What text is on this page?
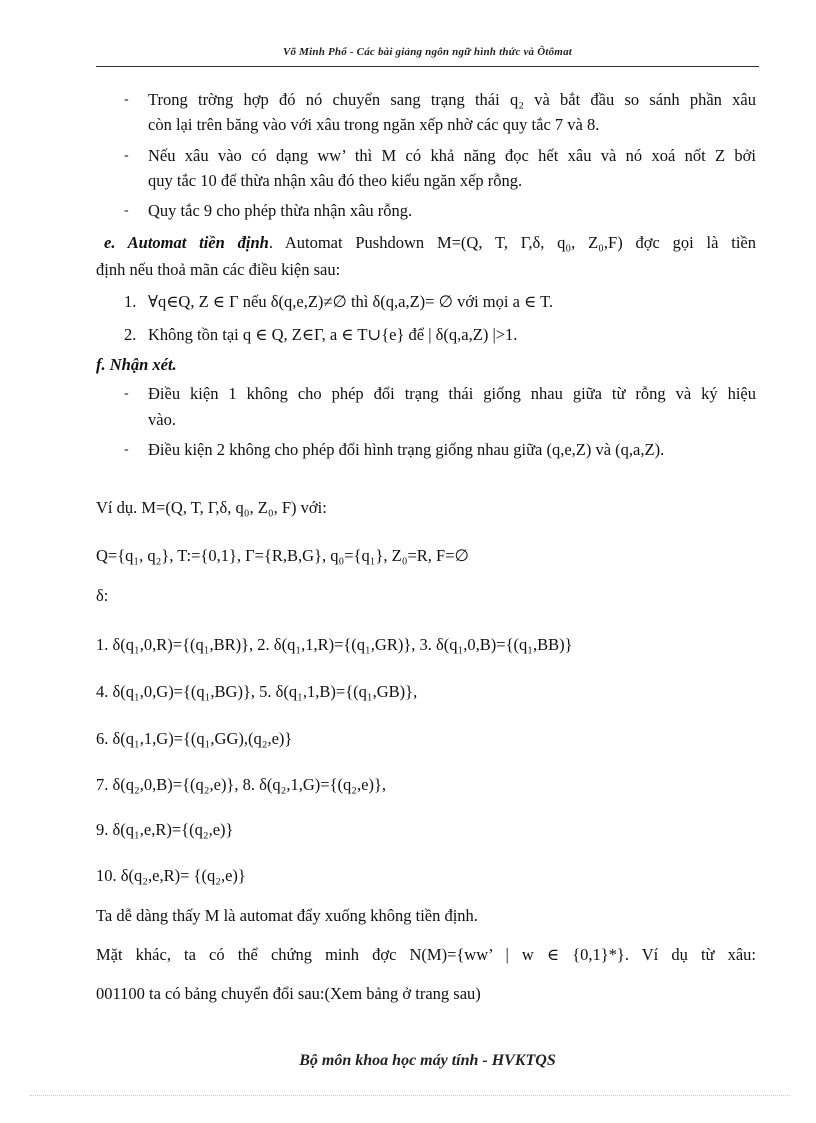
Võ Minh Phổ - Các bài giảng ngôn ngữ hình thức và Ôtômat
- Trong trờng hợp đó nó chuyển sang trạng thái q₂ và bắt đầu so sánh phần xâu
còn lại trên băng vào với xâu trong ngăn xếp nhờ các quy tắc 7 và 8.
- Nếu xâu vào có dạng ww’ thì M có khả năng đọc hết xâu và nó xoá nốt Z bởi
quy tắc 10 để thừa nhận xâu đó theo kiểu ngăn xếp rỗng.
- Quy tắc 9 cho phép thừa nhận xâu rỗng.
e. Automat tiền định. Automat Pushdown M=(Q, T, Γ,δ, q₀, Z₀,F) đợc gọi là tiền
định nếu thoả mãn các điều kiện sau:
1. ∀q∈Q, Z ∈ Γ nếu δ(q,e,Z)≠∅ thì δ(q,a,Z)= ∅ với mọi a ∈ T.
2. Không tồn tại q ∈ Q, Z∈Γ, a ∈ T∪{e} để | δ(q,a,Z) |>1.
f. Nhận xét.
- Điều kiện 1 không cho phép đổi trạng thái giống nhau giữa từ rỗng và ký hiệu
vào.
- Điều kiện 2 không cho phép đổi hình trạng giống nhau giữa (q,e,Z) và (q,a,Z).
Ví dụ. M=(Q, T, Γ,δ, q₀, Z₀, F) với:
Q={q₁, q₂}, T:={0,1}, Γ={R,B,G}, q₀={q₁}, Z₀=R, F=∅
δ:
1. δ(q₁,0,R)={(q₁,BR)}, 2. δ(q₁,1,R)={(q₁,GR)}, 3. δ(q₁,0,B)={(q₁,BB)}
4. δ(q₁,0,G)={(q₁,BG)}, 5. δ(q₁,1,B)={(q₁,GB)},
6. δ(q₁,1,G)={(q₁,GG),(q₂,e)}
7. δ(q₂,0,B)={(q₂,e)}, 8. δ(q₂,1,G)={(q₂,e)},
9. δ(q₁,e,R)={(q₂,e)}
10. δ(q₂,e,R)= {(q₂,e)}
Ta dễ dàng thấy M là automat đẩy xuống không tiền định.
Mặt khác, ta có thể chứng minh đợc N(M)={ww’ | w ∈ {0,1}*}. Ví dụ từ xâu:
001100 ta có bảng chuyển đổi sau:(Xem bảng ở trang sau)
Bộ môn khoa học máy tính - HVKTQS
